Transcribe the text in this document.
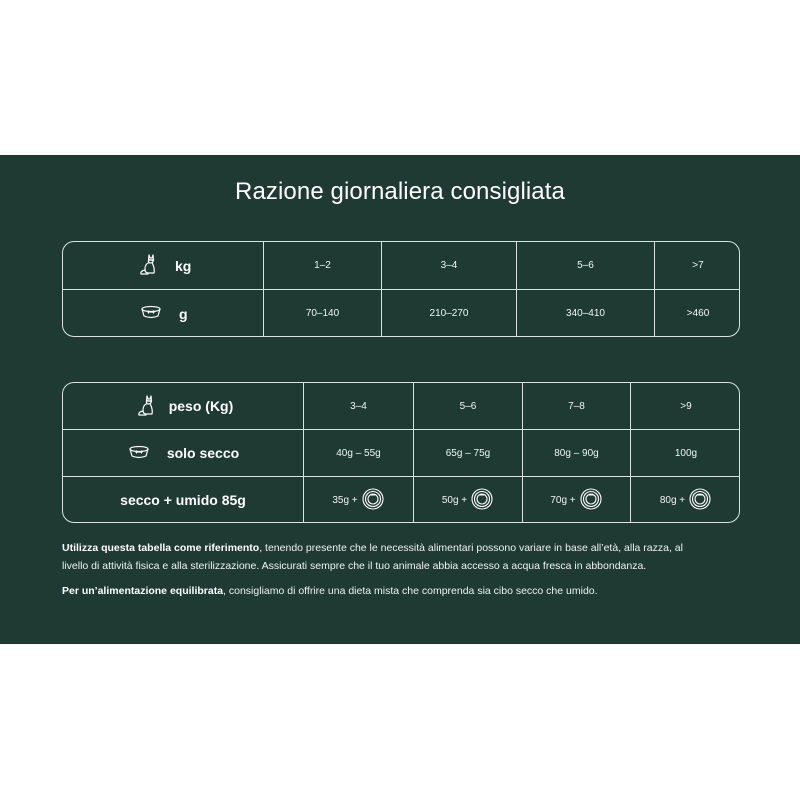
Razione giornaliera consigliata
kg	1–2	3–4	5–6	>7
g	70–140	210–270	340–410	>460
peso (Kg)	3–4	5–6	7–8	>9
solo secco	40g – 55g	65g – 75g	80g – 90g	100g
secco + umido 85g	35g +	50g +	70g +	80g +
Utilizza questa tabella come riferimento, tenendo presente che le necessità alimentari possono variare in base all’età, alla razza, al
livello di attività fisica e alla sterilizzazione. Assicurati sempre che il tuo animale abbia accesso a acqua fresca in abbondanza.
Per un’alimentazione equilibrata, consigliamo di offrire una dieta mista che comprenda sia cibo secco che umido.
